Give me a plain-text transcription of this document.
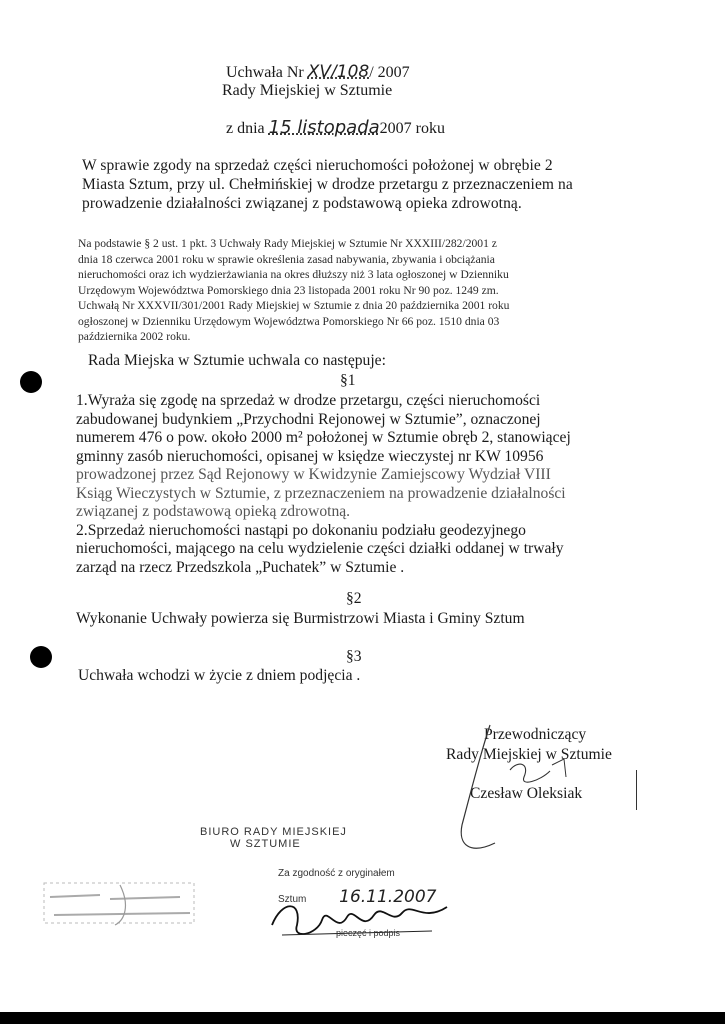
Uchwała Nr XV/108/ 2007
Rady Miejskiej w Sztumie
z dnia 15 listopada2007 roku
W sprawie zgody na sprzedaż części nieruchomości położonej w obrębie 2
Miasta Sztum, przy ul. Chełmińskiej w drodze przetargu z przeznaczeniem na
prowadzenie działalności związanej z podstawową opieka zdrowotną.
Na podstawie § 2 ust. 1 pkt. 3 Uchwały Rady Miejskiej w Sztumie Nr XXXIII/282/2001 z
dnia 18 czerwca 2001 roku w sprawie określenia zasad nabywania, zbywania i obciążania
nieruchomości oraz ich wydzierżawiania na okres dłuższy niż 3 lata ogłoszonej w Dzienniku
Urzędowym Województwa Pomorskiego dnia 23 listopada 2001 roku Nr 90 poz. 1249 zm.
Uchwałą Nr XXXVII/301/2001 Rady Miejskiej w Sztumie z dnia 20 października 2001 roku
ogłoszonej w Dzienniku Urzędowym Województwa Pomorskiego Nr 66 poz. 1510 dnia 03
października 2002 roku.
Rada Miejska w Sztumie uchwala co następuje:
§1
1.Wyraża się zgodę na sprzedaż w drodze przetargu, części nieruchomości
zabudowanej budynkiem „Przychodni Rejonowej w Sztumie”, oznaczonej
numerem 476 o pow. około 2000 m² położonej w Sztumie obręb 2, stanowiącej
gminny zasób nieruchomości, opisanej w księdze wieczystej nr KW 10956
prowadzonej przez Sąd Rejonowy w Kwidzynie Zamiejscowy Wydział VIII
Ksiąg Wieczystych w Sztumie, z przeznaczeniem na prowadzenie działalności
związanej z podstawową opieką zdrowotną.
2.Sprzedaż nieruchomości nastąpi po dokonaniu podziału geodezyjnego
nieruchomości, mającego na celu wydzielenie części działki oddanej w trwały
zarząd na rzecz Przedszkola „Puchatek” w Sztumie .
§2
Wykonanie Uchwały powierza się Burmistrzowi Miasta i Gminy Sztum
§3
Uchwała wchodzi w życie z dniem podjęcia .
Przewodniczący
Rady Miejskiej w Sztumie
Czesław Oleksiak
BIURO RADY MIEJSKIEJ
W SZTUMIE
Za zgodność z oryginałem
Sztum 16.11.2007
pieczęć i podpis
